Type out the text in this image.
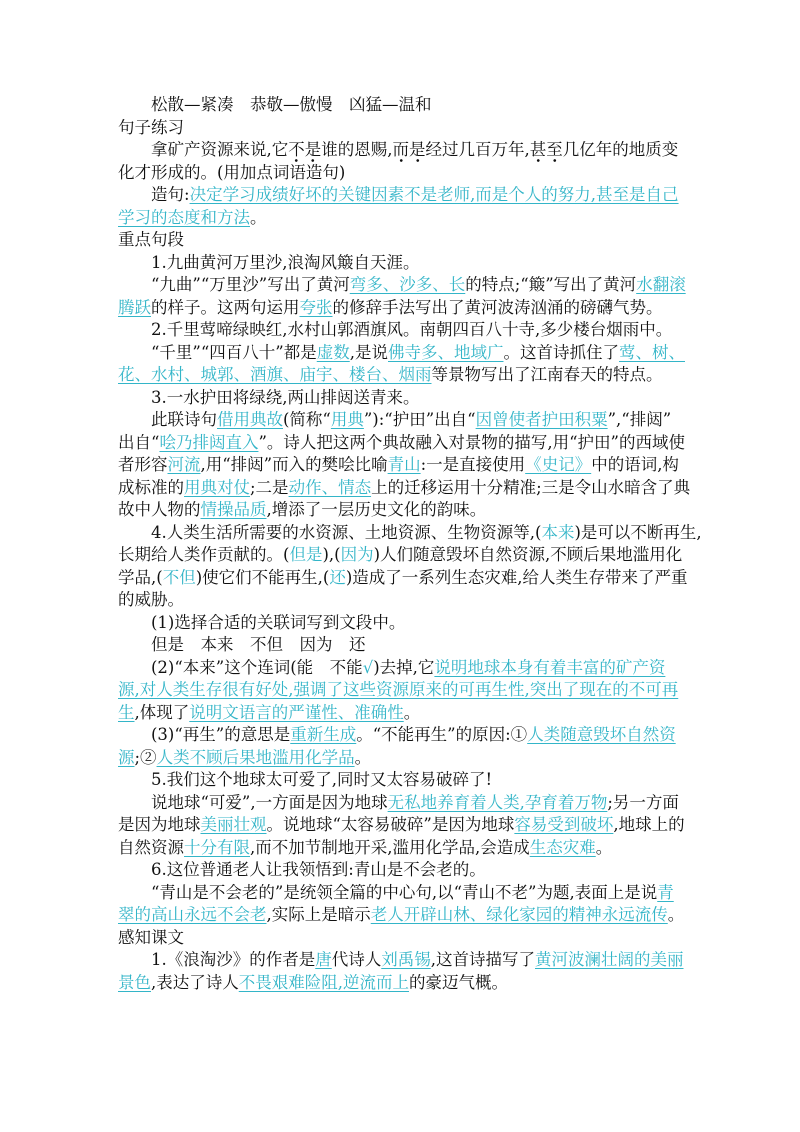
松散—紧凑　恭敬—傲慢　凶猛—温和
句子练习
拿矿产资源来说,它不是谁的恩赐,而是经过几百万年,甚至几亿年的地质变
化才形成的。(用加点词语造句)
造句:决定学习成绩好坏的关键因素不是老师,而是个人的努力,甚至是自己
学习的态度和方法。
重点句段
1.九曲黄河万里沙,浪淘风簸自天涯。
“九曲”“万里沙”写出了黄河弯多、沙多、长的特点;“簸”写出了黄河水翻滚
腾跃的样子。这两句运用夸张的修辞手法写出了黄河波涛汹涌的磅礴气势。
2.千里莺啼绿映红,水村山郭酒旗风。南朝四百八十寺,多少楼台烟雨中。
“千里”“四百八十”都是虚数,是说佛寺多、地域广。这首诗抓住了莺、树、
花、水村、城郭、酒旗、庙宇、楼台、烟雨等景物写出了江南春天的特点。
3.一水护田将绿绕,两山排闼送青来。
此联诗句借用典故(简称“用典”):“护田”出自“因曾使者护田积粟”,“排闼”
出自“哙乃排闼直入”。诗人把这两个典故融入对景物的描写,用“护田”的西域使
者形容河流,用“排闼”而入的樊哙比喻青山:一是直接使用《史记》中的语词,构
成标准的用典对仗;二是动作、情态上的迁移运用十分精准;三是令山水暗含了典
故中人物的情操品质,增添了一层历史文化的韵味。
4.人类生活所需要的水资源、土地资源、生物资源等,(本来)是可以不断再生,
长期给人类作贡献的。(但是),(因为)人们随意毁坏自然资源,不顾后果地滥用化
学品,(不但)使它们不能再生,(还)造成了一系列生态灾难,给人类生存带来了严重
的威胁。
(1)选择合适的关联词写到文段中。
但是　本来　不但　因为　还
(2)“本来”这个连词(能　不能√)去掉,它说明地球本身有着丰富的矿产资
源,对人类生存很有好处,强调了这些资源原来的可再生性,突出了现在的不可再
生,体现了说明文语言的严谨性、准确性。
(3)“再生”的意思是重新生成。“不能再生”的原因:①人类随意毁坏自然资
源;②人类不顾后果地滥用化学品。
5.我们这个地球太可爱了,同时又太容易破碎了!
说地球“可爱”,一方面是因为地球无私地养育着人类,孕育着万物;另一方面
是因为地球美丽壮观。说地球“太容易破碎”是因为地球容易受到破坏,地球上的
自然资源十分有限,而不加节制地开采,滥用化学品,会造成生态灾难。
6.这位普通老人让我领悟到:青山是不会老的。
“青山是不会老的”是统领全篇的中心句,以“青山不老”为题,表面上是说青
翠的高山永远不会老,实际上是暗示老人开辟山林、绿化家园的精神永远流传。
感知课文
1.《浪淘沙》的作者是唐代诗人刘禹锡,这首诗描写了黄河波澜壮阔的美丽
景色,表达了诗人不畏艰难险阻,逆流而上的豪迈气概。
